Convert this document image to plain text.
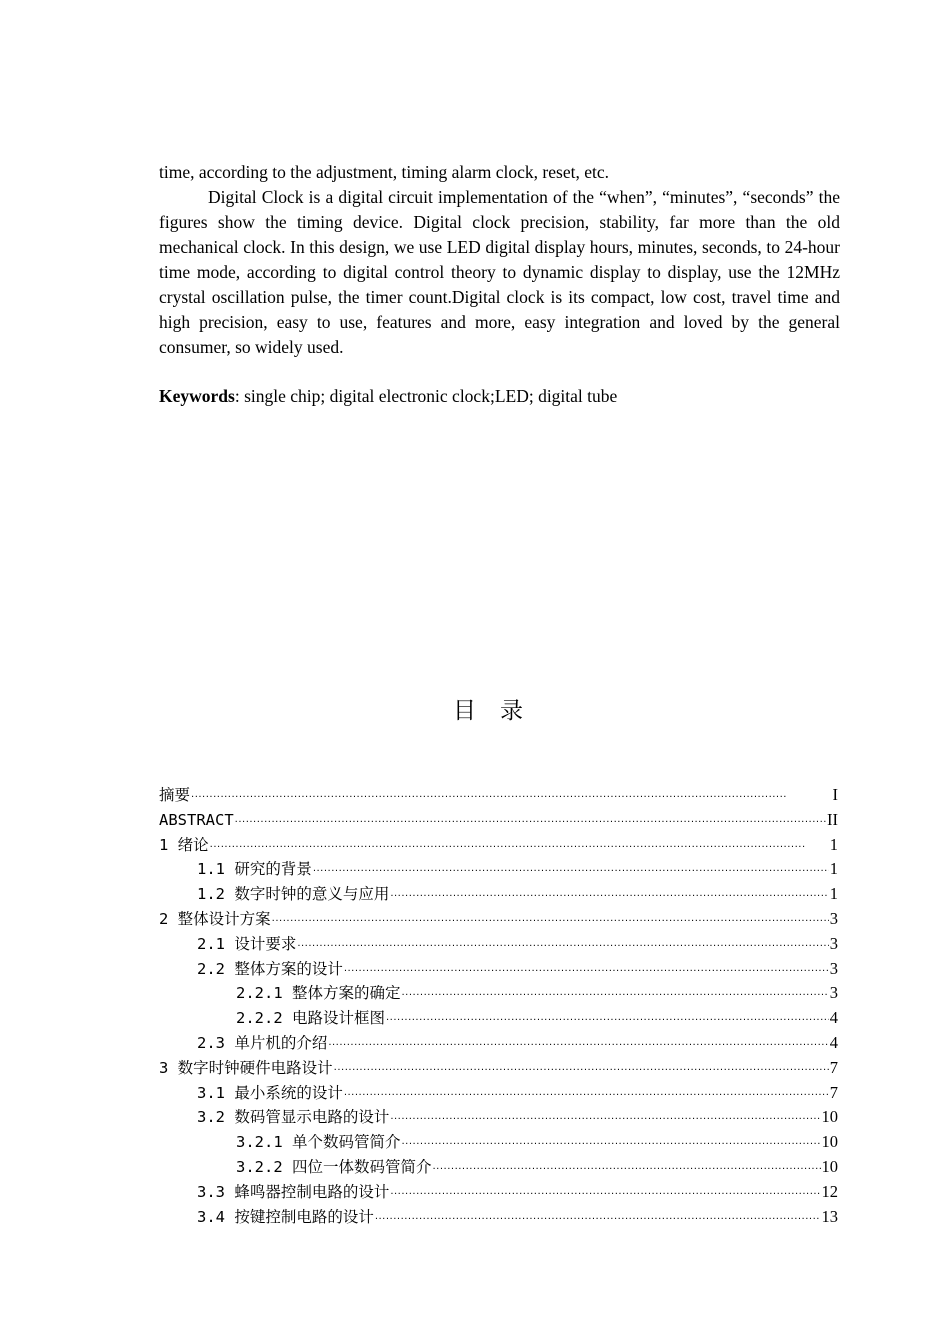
time, according to the adjustment, timing alarm clock, reset, etc.

Digital Clock is a digital circuit implementation of the “when”, “minutes”, “seconds” the figures show the timing device. Digital clock precision, stability, far more than the old mechanical clock. In this design, we use LED digital display hours, minutes, seconds, to 24-hour time mode, according to digital control theory to dynamic display to display, use the 12MHz crystal oscillation pulse, the timer count.Digital clock is its compact, low cost, travel time and high precision, easy to use, features and more, easy integration and loved by the general consumer, so widely used.

Keywords: single chip; digital electronic clock;LED; digital tube
目录
摘要 ·····	I
ABSTRACT ·····	II
1 绪论 ·····	1
1.1 研究的背景 ·····	1
1.2 数字时钟的意义与应用 ·····	1
2 整体设计方案 ·····	3
2.1 设计要求 ·····	3
2.2 整体方案的设计 ·····	3
2.2.1 整体方案的确定 ·····	3
2.2.2 电路设计框图 ·····	4
2.3 单片机的介绍 ·····	4
3 数字时钟硬件电路设计 ·····	7
3.1 最小系统的设计 ·····	7
3.2 数码管显示电路的设计 ·····	10
3.2.1 单个数码管简介 ·····	10
3.2.2 四位一体数码管简介 ·····	10
3.3 蜂鸣器控制电路的设计 ·····	12
3.4 按键控制电路的设计 ·····	13
